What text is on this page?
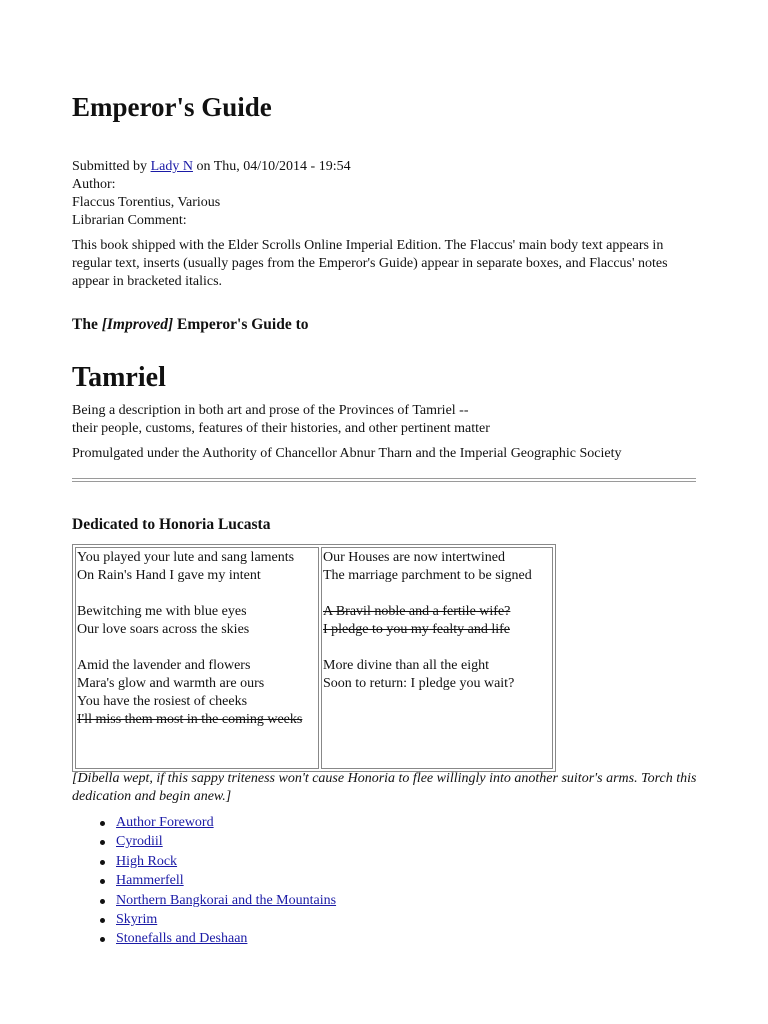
Emperor's Guide
Submitted by Lady N on Thu, 04/10/2014 - 19:54
Author:
Flaccus Torentius, Various
Librarian Comment:
This book shipped with the Elder Scrolls Online Imperial Edition. The Flaccus' main body text appears in regular text, inserts (usually pages from the Emperor's Guide) appear in separate boxes, and Flaccus' notes appear in bracketed italics.
The [Improved] Emperor's Guide to
Tamriel
Being a description in both art and prose of the Provinces of Tamriel --
their people, customs, features of their histories, and other pertinent matter
Promulgated under the Authority of Chancellor Abnur Tharn and the Imperial Geographic Society
Dedicated to Honoria Lucasta
You played your lute and sang laments
On Rain's Hand I gave my intent
Bewitching me with blue eyes
Our love soars across the skies
Amid the lavender and flowers
Mara's glow and warmth are ours
You have the rosiest of cheeks
I'll miss them most in the coming weeks

Our Houses are now intertwined
The marriage parchment to be signed
A Bravil noble and a fertile wife?
I pledge to you my fealty and life
More divine than all the eight
Soon to return: I pledge you wait?
[Dibella wept, if this sappy triteness won't cause Honoria to flee willingly into another suitor's arms. Torch this dedication and begin anew.]
Author Foreword
Cyrodiil
High Rock
Hammerfell
Northern Bangkorai and the Mountains
Skyrim
Stonefalls and Deshaan
